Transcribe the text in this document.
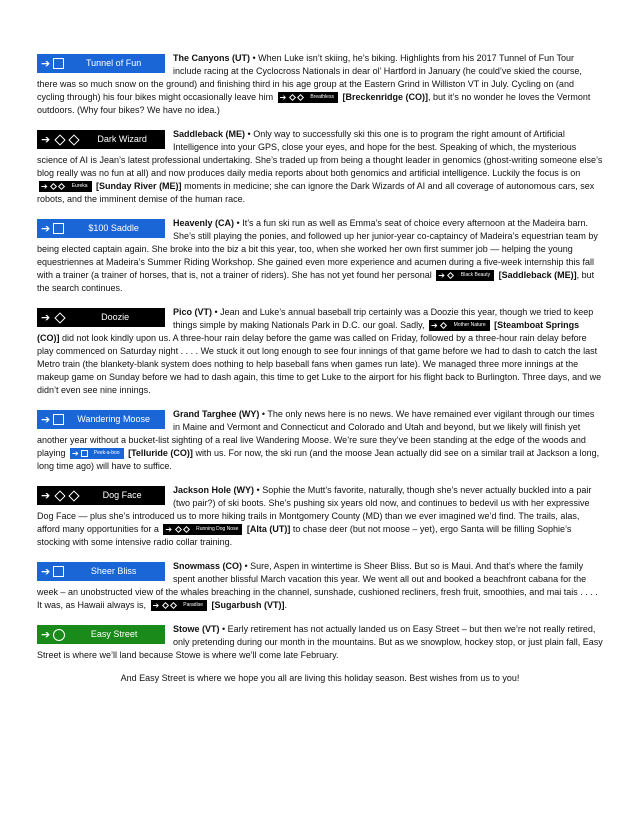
➔	Tunnel of Fun	The Canyons (UT) • When Luke isn’t skiing, he’s biking. Highlights from his 2017 Tunnel of Fun Tour include racing at the Cyclocross Nationals in dear ol’ Hartford in January (he could’ve skied the course, there was so much snow on the ground) and finishing third in his age group at the Eastern Grind in Williston VT in July. Cycling on (and cycling through) his four bikes might occasionally leave him ➔	Breathless [Breckenridge (CO)], but it’s no wonder he loves the Vermont outdoors. (Why four bikes? We have no idea.)
➔	Dark Wizard	Saddleback (ME) • Only way to successfully ski this one is to program the right amount of Artificial Intelligence into your GPS, close your eyes, and hope for the best. Speaking of which, the mysterious science of AI is Jean’s latest professional undertaking. She’s traded up from being a thought leader in genomics (ghost-writing someone else’s blog really was no fun at all) and now produces daily media reports about both genomics and artificial intelligence. Luckily the focus is on
➔	Eureka [Sunday River (ME)] moments in medicine; she can ignore the Dark Wizards of AI and all coverage of autonomous cars, sex robots, and the imminent demise of the human race.
➔	$100 Saddle	Heavenly (CA) • It’s a fun ski run as well as Emma’s seat of choice every afternoon at the Madeira barn. She’s still playing the ponies, and followed up her junior-year co-captaincy of Madeira’s equestrian team by being elected captain again. She broke into the biz a bit this year, too, when she worked her own first summer job — helping the young equestriennes at Madeira’s Summer Riding Workshop. She gained even more experience and acumen during a five-week internship this fall with a trainer (a trainer of horses, that is, not a trainer of riders). She has not yet found her personal ➔	Black Beauty [Saddleback (ME)], but the search continues.
➔	Doozie	Pico (VT) • Jean and Luke’s annual baseball trip certainly was a Doozie this year, though we tried to keep things simple by making Nationals Park in D.C. our goal. Sadly, ➔	Mother Nature [Steamboat Springs (CO)] did not look kindly upon us. A three-hour rain delay before the game was called on Friday, followed by a three-hour rain delay before play commenced on Saturday night . . . . We stuck it out long enough to see four innings of that game before we had to dash to catch the last Metro train (the blankety-blank system does nothing to help baseball fans when games run late). We managed three more innings at the makeup game on Sunday before we had to dash again, this time to get Luke to the airport for his flight back to Burlington. Three days, and we didn’t even see nine innings.
➔	Wandering Moose	Grand Targhee (WY) • The only news here is no news. We have remained ever vigilant through our times in Maine and Vermont and Connecticut and Colorado and Utah and beyond, but we likely will finish yet another year without a bucket-list sighting of a real live Wandering Moose. We’re sure they’ve been standing at the edge of the woods and playing ➔	Peek-a-boo [Telluride (CO)] with us. For now, the ski run (and the moose Jean actually did see on a similar trail at Jackson a long, long time ago) will have to suffice.
➔	Dog Face	Jackson Hole (WY) • Sophie the Mutt’s favorite, naturally, though she’s never actually buckled into a pair (two pair?) of ski boots. She’s pushing six years old now, and continues to bedevil us with her expressive Dog Face — plus she’s introduced us to more hiking trails in Montgomery County (MD) than we ever imagined we’d find. The trails, alas, afford many opportunities for a ➔	Running Dog Nose [Alta (UT)] to chase deer (but not moose – yet), ergo Santa will be filling Sophie’s stocking with some intensive radio collar training.
➔	Sheer Bliss	Snowmass (CO) • Sure, Aspen in wintertime is Sheer Bliss. But so is Maui. And that’s where the family spent another blissful March vacation this year. We went all out and booked a beachfront cabana for the week – an unobstructed view of the whales breaching in the channel, sunshade, cushioned recliners, fresh fruit, smoothies, and mai tais . . . . It was, as Hawaii always is, ➔	Paradise [Sugarbush (VT)].
➔	Easy Street	Stowe (VT) • Early retirement has not actually landed us on Easy Street – but then we’re not really retired, only pretending during our month in the mountains. But as we snowplow, hockey stop, or just plain fall, Easy Street is where we’ll land because Stowe is where we’ll come late February.
And Easy Street is where we hope you all are living this holiday season. Best wishes from us to you!
